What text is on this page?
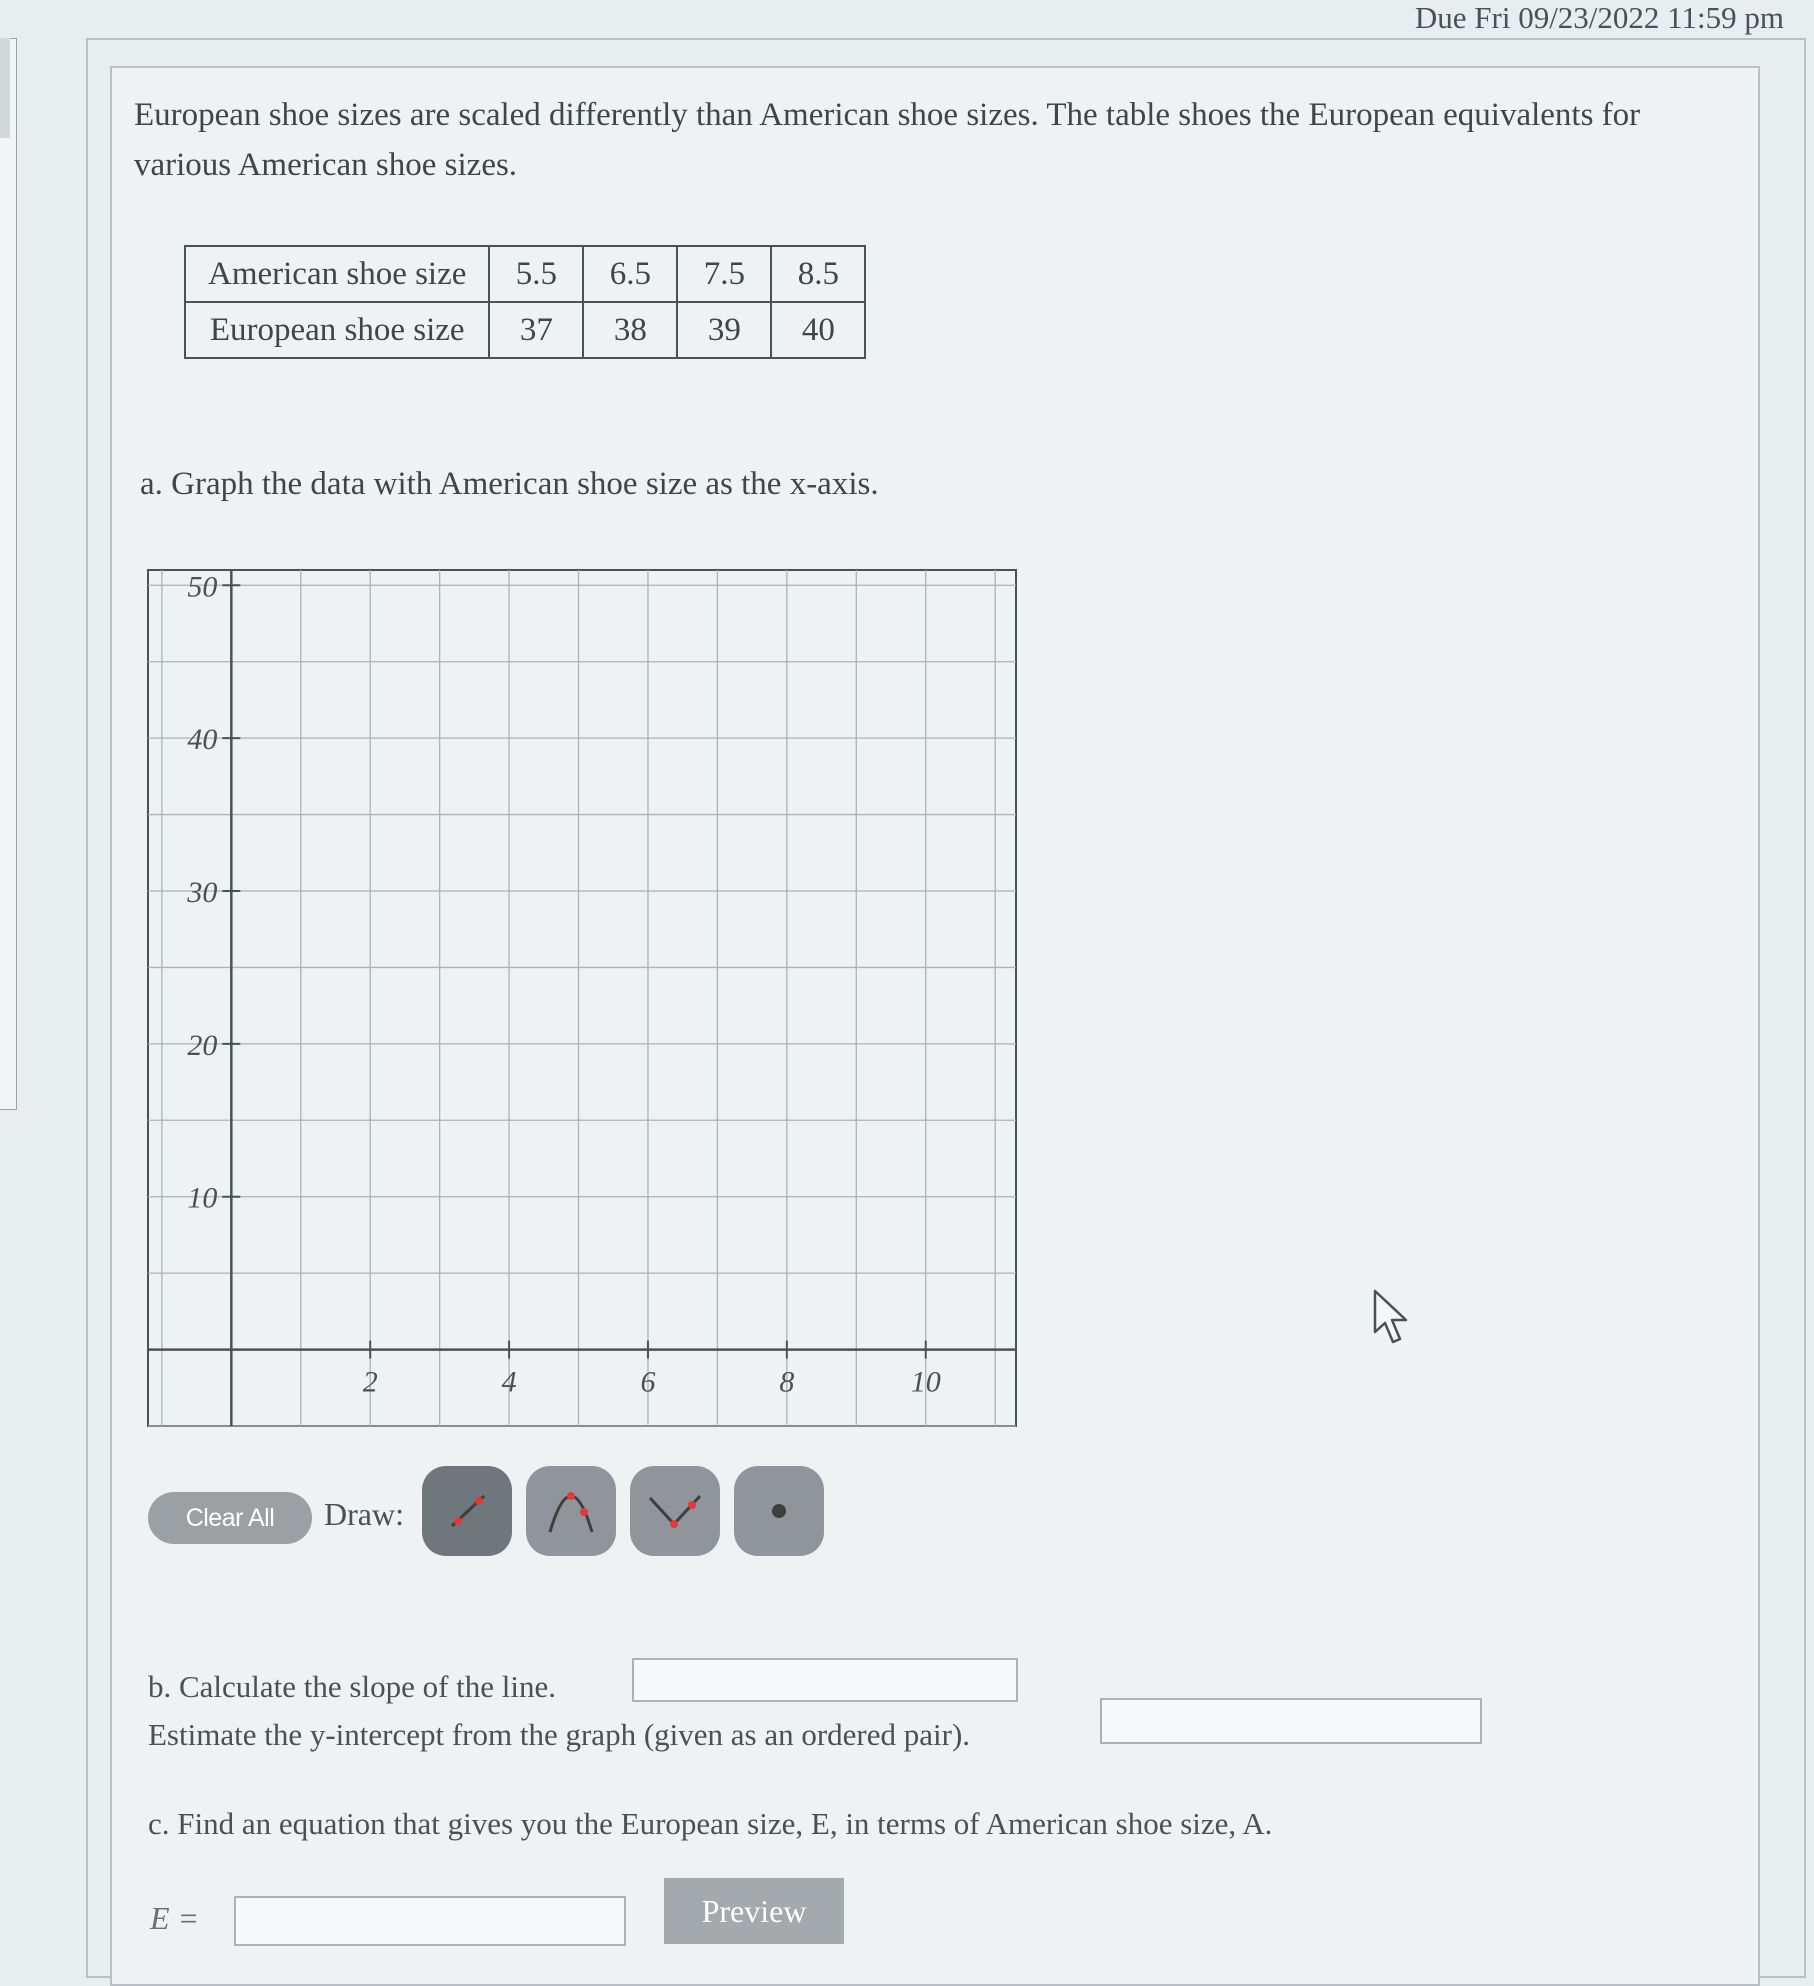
Due Fri 09/23/2022 11:59 pm
European shoe sizes are scaled differently than American shoe sizes. The table shoes the European equivalents for various American shoe sizes.
American shoe size	5.5	6.5	7.5	8.5
European shoe size	37	38	39	40
a. Graph the data with American shoe size as the x-axis.
2	4	6	8	10
10
20
30
40
50
Clear All	Draw:
b. Calculate the slope of the line.
Estimate the y-intercept from the graph (given as an ordered pair).
c. Find an equation that gives you the European size, E, in terms of American shoe size, A.
E =	Preview
